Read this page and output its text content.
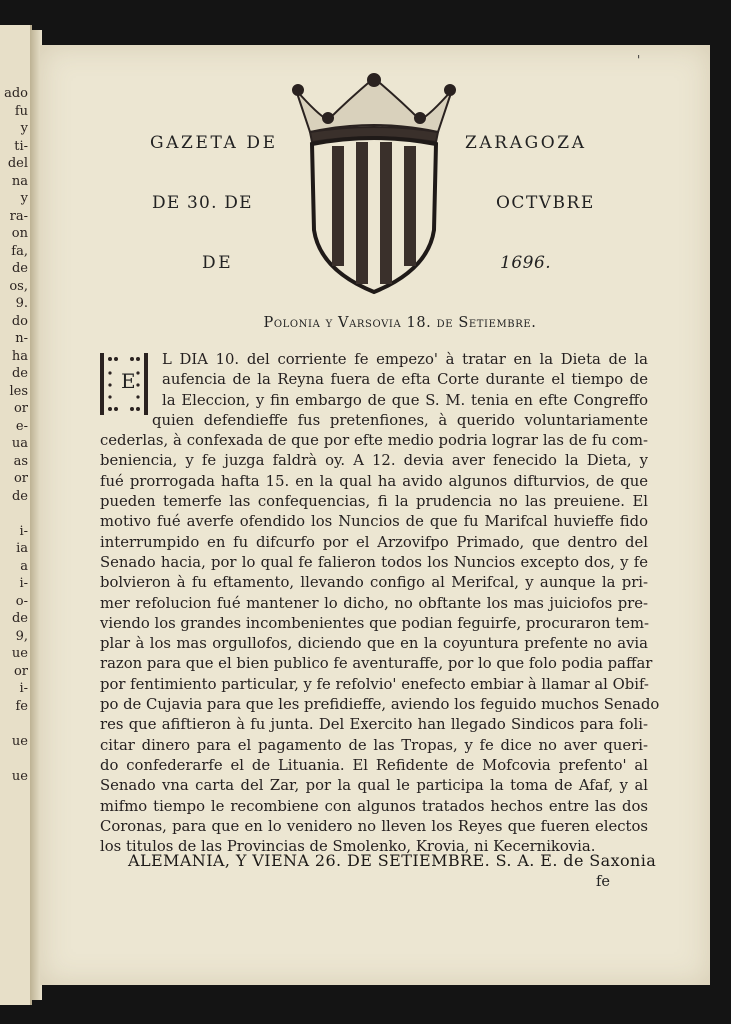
ado
fu
y
ti-
del
na
y
ra-
on
fa,
de
os,
9.
do
n-
ha
de
les
or
e-
ua
as
or
de
i-
ia
a
i-
o-
de
9,
ue
or
i-
fe
ue
ue
'
GAZETA DE	ZARAGOZA
DE 30. DE	OCTVBRE
DE	1696.
Polonia y Varsovia 18. de Setiembre.
E
L DIA 10. del corriente fe empezo' à tratar en la Dieta de la
aufencia de la Reyna fuera de efta Corte durante el tiempo de
la Eleccion, y fin embargo de que S. M. tenia en efte Congreffo
quien defendieffe fus pretenfiones, à querido voluntariamente
cederlas, à confexada de que por efte medio podria lograr las de fu com-
beniencia, y fe juzga faldrà oy. A 12. devia aver fenecido la Dieta, y
fué prorrogada hafta 15. en la qual ha avido algunos difturvios, de que
pueden temerfe las confequencias, fi la prudencia no las preuiene. El
motivo fué averfe ofendido los Nuncios de que fu Marifcal huvieffe fido
interrumpido en fu difcurfo por el Arzovifpo Primado, que dentro del
Senado hacia, por lo qual fe falieron todos los Nuncios excepto dos, y fe
bolvieron à fu eftamento, llevando configo al Merifcal, y aunque la pri-
mer refolucion fué mantener lo dicho, no obftante los mas juiciofos pre-
viendo los grandes incombenientes que podian feguirfe, procuraron tem-
plar à los mas orgullofos, diciendo que en la coyuntura prefente no avia
razon para que el bien publico fe aventuraffe, por lo que folo podia paffar
por fentimiento particular, y fe refolvio' enefecto embiar à llamar al Obif-
po de Cujavia para que les prefidieffe, aviendo los feguido muchos Senado
res que afiftieron à fu junta. Del Exercito han llegado Sindicos para foli-
citar dinero para el pagamento de las Tropas, y fe dice no aver queri-
do confederarfe el de Lituania. El Refidente de Mofcovia prefento' al
Senado vna carta del Zar, por la qual le participa la toma de Afaf, y al
mifmo tiempo le recombiene con algunos tratados hechos entre las dos
Coronas, para que en lo venidero no lleven los Reyes que fueren electos
los titulos de las Provincias de Smolenko, Krovia, ni Kecernikovia.
ALEMANIA, Y VIENA 26. DE SETIEMBRE. S. A. E. de Saxonia
fe
